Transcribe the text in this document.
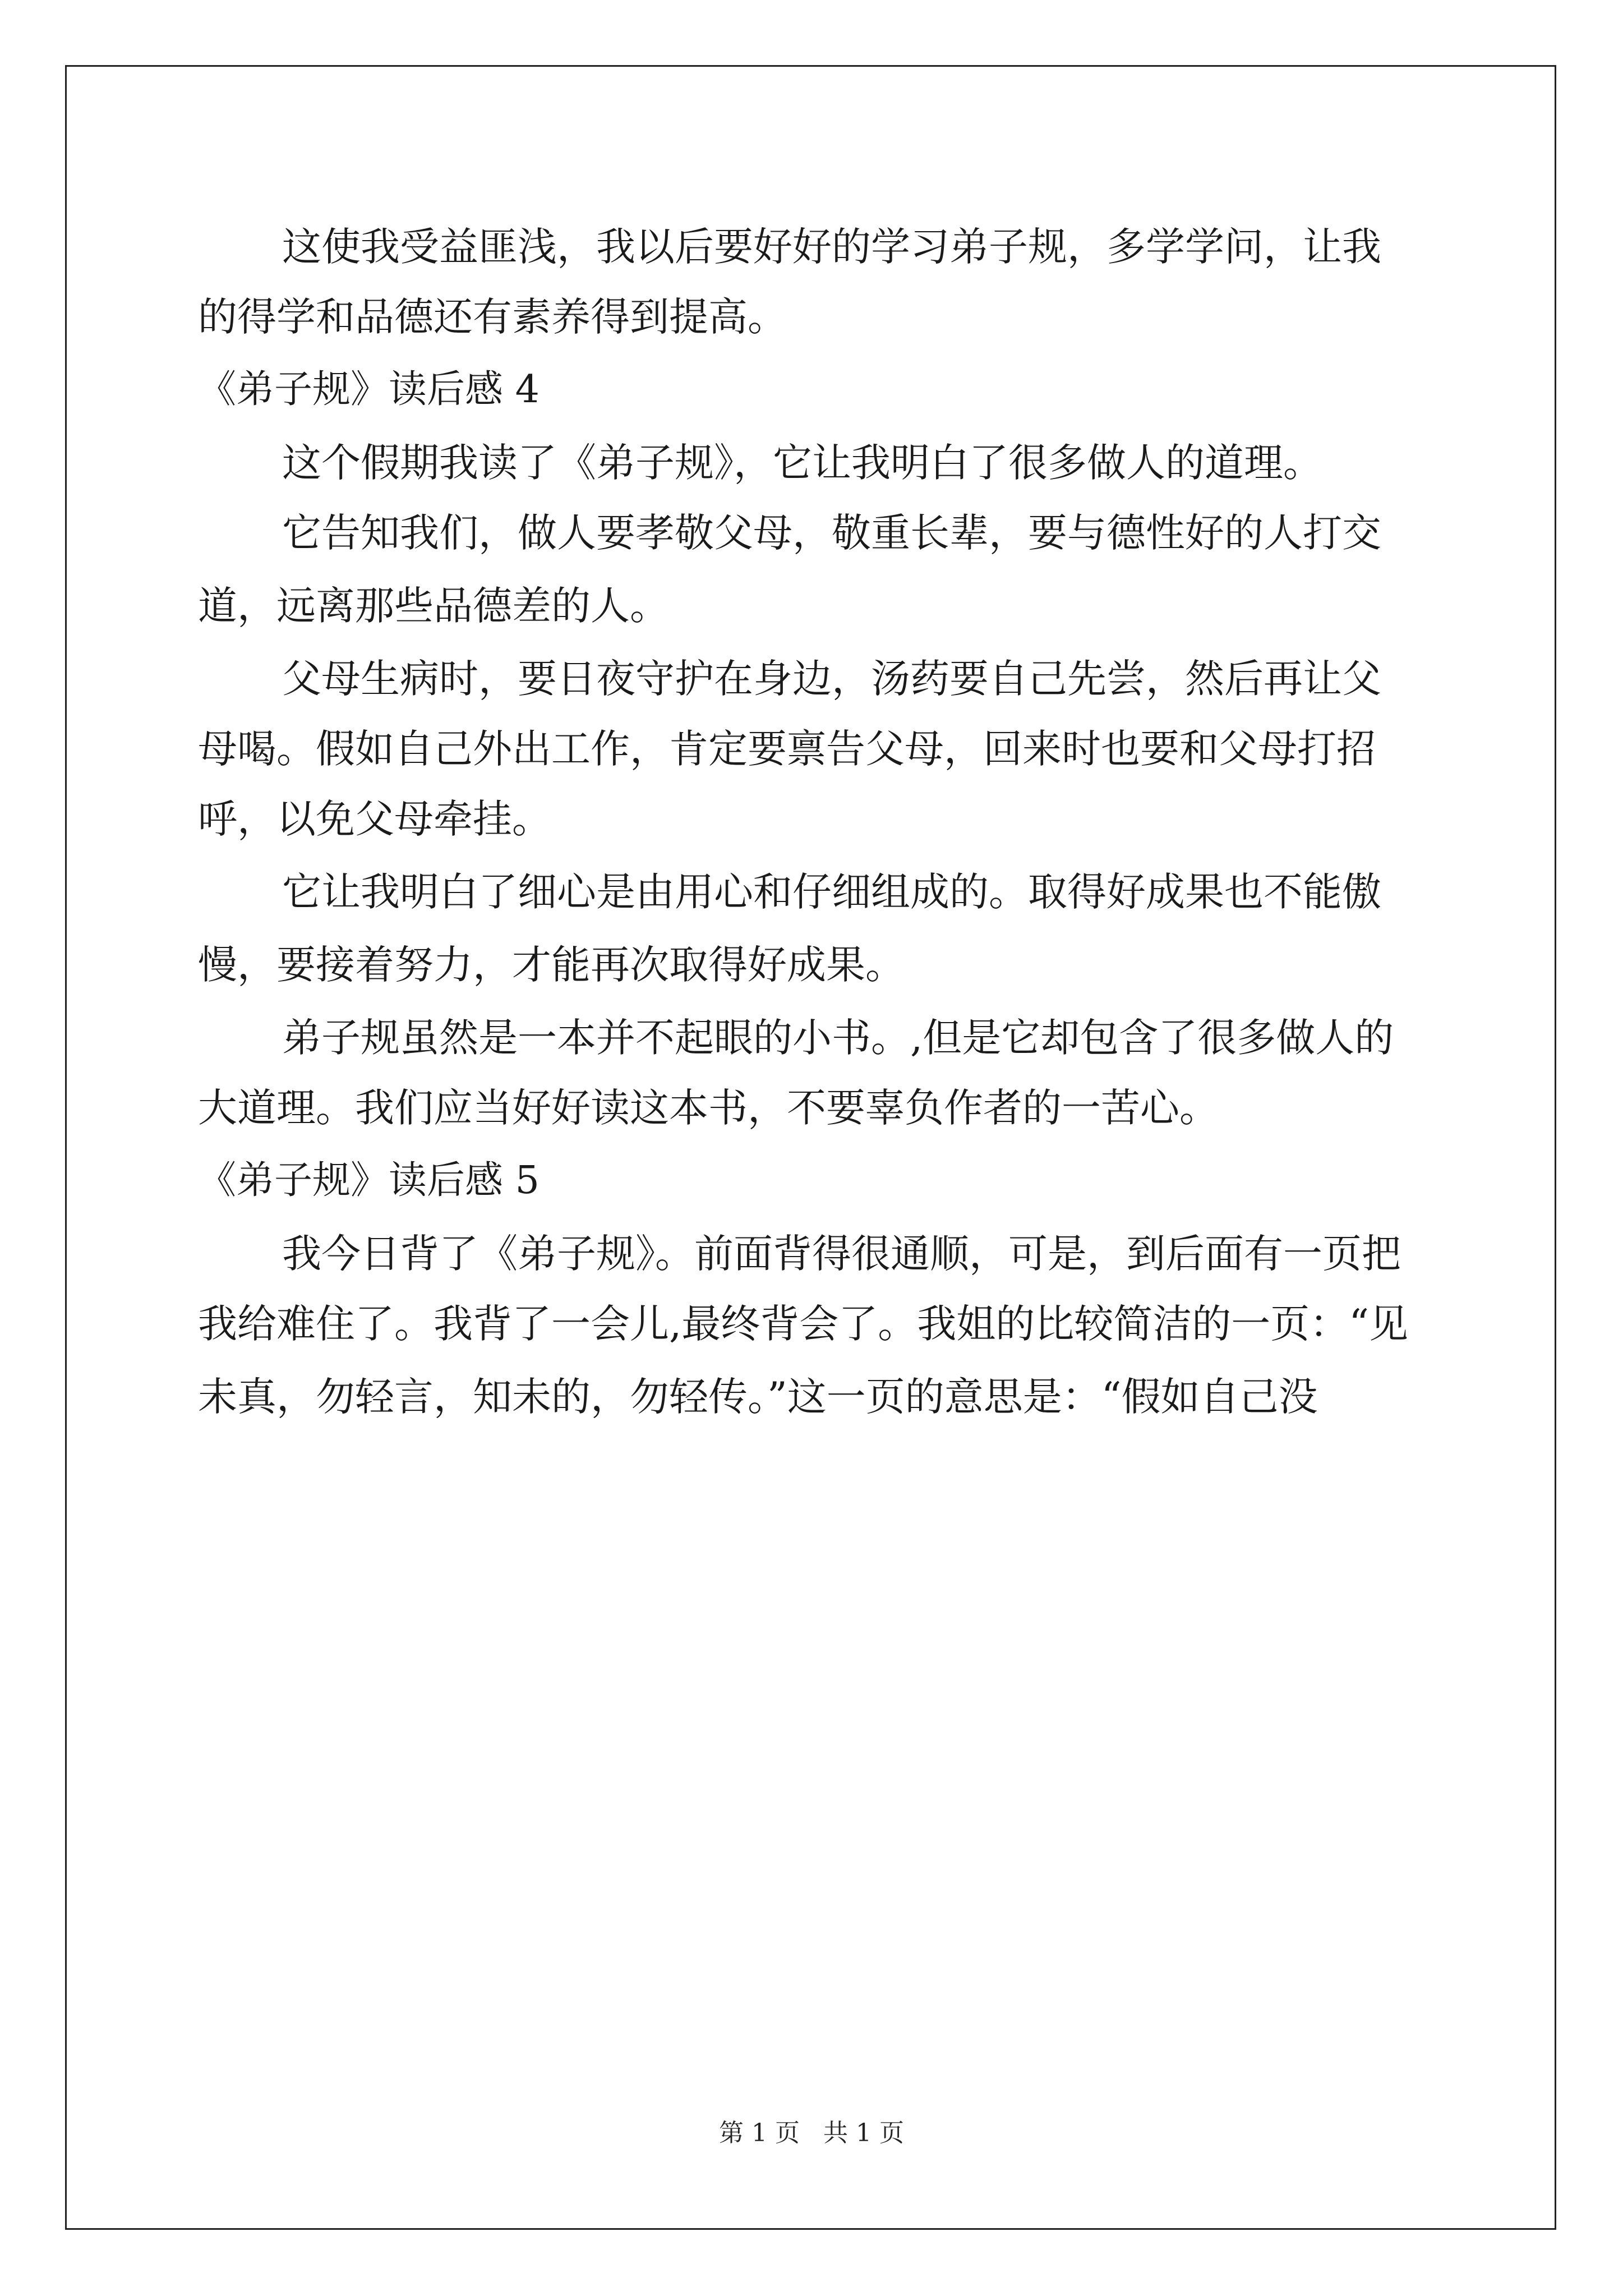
这使我受益匪浅，我以后要好好的学习弟子规，多学学问，让我
的得学和品德还有素养得到提高。
《弟子规》读后感 4
这个假期我读了《弟子规》，它让我明白了很多做人的道理。
它告知我们，做人要孝敬父母，敬重长辈，要与德性好的人打交
道，远离那些品德差的人。
父母生病时，要日夜守护在身边，汤药要自己先尝，然后再让父
母喝。假如自己外出工作，肯定要禀告父母，回来时也要和父母打招
呼，以免父母牵挂。
它让我明白了细心是由用心和仔细组成的。取得好成果也不能傲
慢，要接着努力，才能再次取得好成果。
弟子规虽然是一本并不起眼的小书。,但是它却包含了很多做人的
大道理。我们应当好好读这本书，不要辜负作者的一苦心。
《弟子规》读后感 5
我今日背了《弟子规》。前面背得很通顺，可是，到后面有一页把
我给难住了。我背了一会儿,最终背会了。我姐的比较简洁的一页：“见
未真，勿轻言，知未的，勿轻传。”这一页的意思是：“假如自己没
第 1 页 共 1 页
